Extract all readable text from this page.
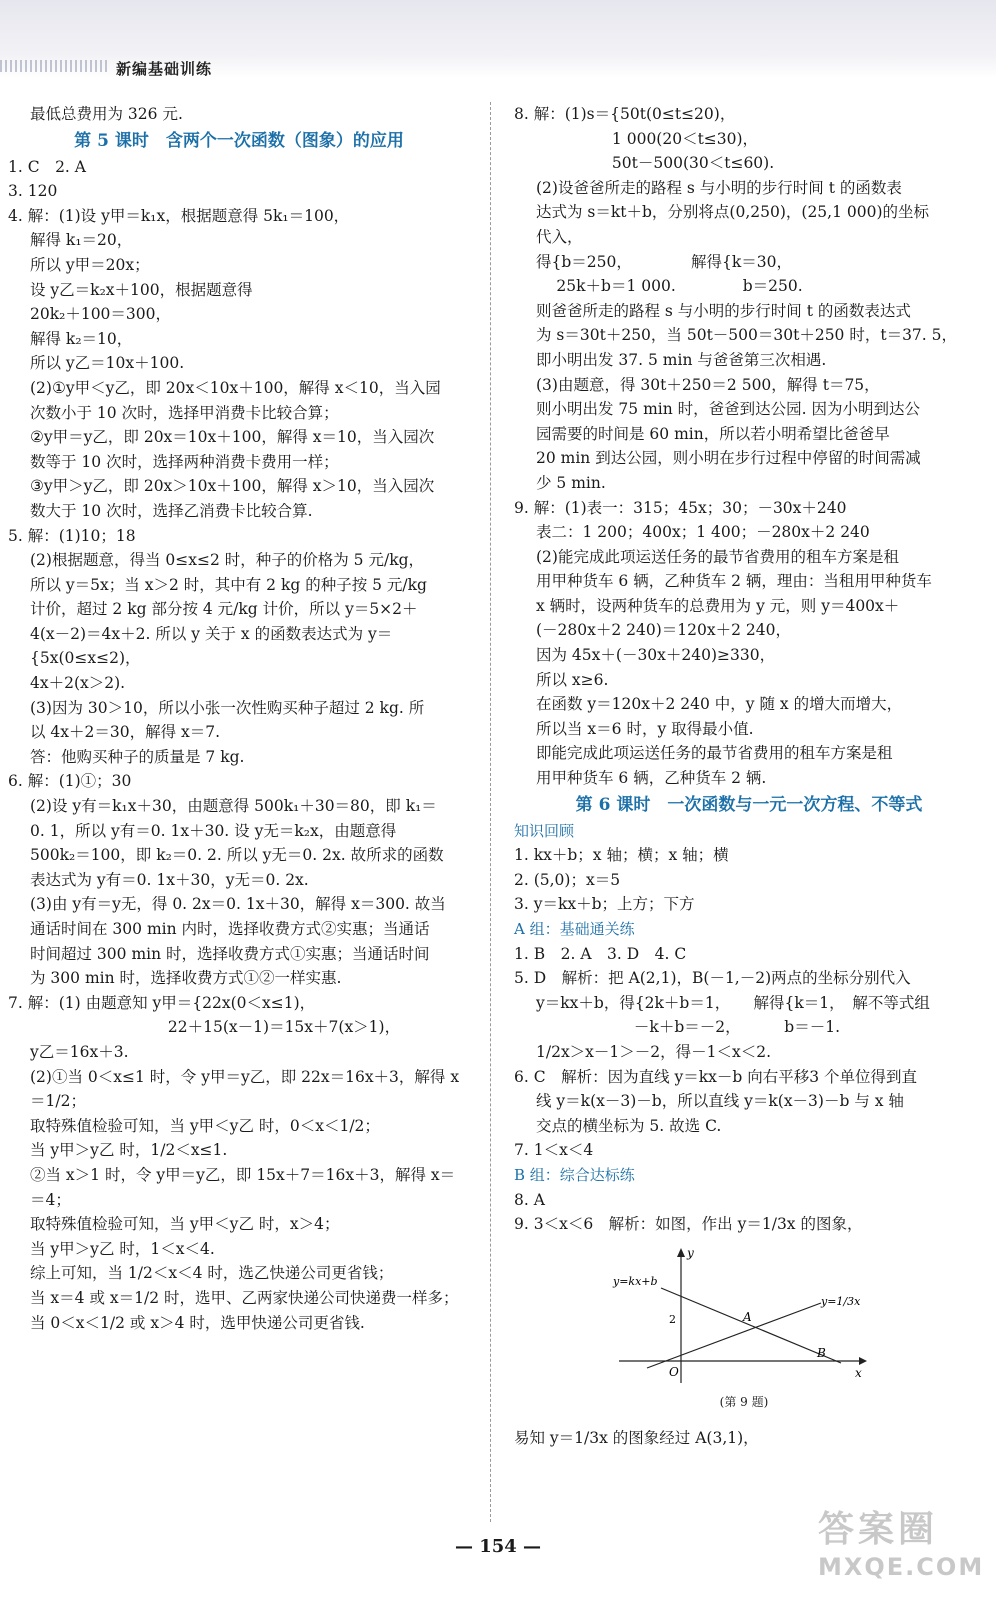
新编基础训练
最低总费用为 326 元.
第 5 课时　含两个一次函数（图象）的应用
1. C　2. A
3. 120
4. 解：(1)设 y甲＝k₁x，根据题意得 5k₁＝100，
解得 k₁＝20，
所以 y甲＝20x；
设 y乙＝k₂x＋100，根据题意得
20k₂＋100＝300，
解得 k₂＝10，
所以 y乙＝10x＋100.
(2)①y甲＜y乙，即 20x＜10x＋100，解得 x＜10，当入园
次数小于 10 次时，选择甲消费卡比较合算；
②y甲＝y乙，即 20x＝10x＋100，解得 x＝10，当入园次
数等于 10 次时，选择两种消费卡费用一样；
③y甲＞y乙，即 20x＞10x＋100，解得 x＞10，当入园次
数大于 10 次时，选择乙消费卡比较合算.
5. 解：(1)10；18
(2)根据题意，得当 0≤x≤2 时，种子的价格为 5 元/kg，
所以 y＝5x；当 x＞2 时，其中有 2 kg 的种子按 5 元/kg
计价，超过 2 kg 部分按 4 元/kg 计价，所以 y＝5×2＋
4(x－2)＝4x＋2. 所以 y 关于 x 的函数表达式为 y＝
{5x(0≤x≤2)，
4x＋2(x＞2).
(3)因为 30＞10，所以小张一次性购买种子超过 2 kg. 所
以 4x＋2＝30，解得 x＝7.
答：他购买种子的质量是 7 kg.
6. 解：(1)①；30
(2)设 y有＝k₁x＋30，由题意得 500k₁＋30＝80，即 k₁＝
0. 1，所以 y有＝0. 1x＋30. 设 y无＝k₂x，由题意得
500k₂＝100，即 k₂＝0. 2. 所以 y无＝0. 2x. 故所求的函数
表达式为 y有＝0. 1x＋30，y无＝0. 2x.
(3)由 y有＝y无，得 0. 2x＝0. 1x＋30，解得 x＝300. 故当
通话时间在 300 min 内时，选择收费方式②实惠；当通话
时间超过 300 min 时，选择收费方式①实惠；当通话时间
为 300 min 时，选择收费方式①②一样实惠.
7. 解：(1) 由题意知 y甲＝{22x(0＜x≤1)，
　　　　　　　　　　 22＋15(x－1)＝15x＋7(x＞1)，
y乙＝16x＋3.
(2)①当 0＜x≤1 时，令 y甲＝y乙，即 22x＝16x＋3，解得 x
＝1/2；
取特殊值检验可知，当 y甲＜y乙 时，0＜x＜1/2；
当 y甲＞y乙 时，1/2＜x≤1.
②当 x＞1 时，令 y甲＝y乙，即 15x＋7＝16x＋3，解得 x＝
＝4；
取特殊值检验可知，当 y甲＜y乙 时，x＞4；
当 y甲＞y乙 时，1＜x＜4.
综上可知，当 1/2＜x＜4 时，选乙快递公司更省钱；
当 x＝4 或 x＝1/2 时，选甲、乙两家快递公司快递费一样多；
当 0＜x＜1/2 或 x＞4 时，选甲快递公司更省钱.
8. 解：(1)s＝{50t(0≤t≤20)，
　　　　　　 1 000(20＜t≤30)，
　　　　　　 50t－500(30＜t≤60).
(2)设爸爸所走的路程 s 与小明的步行时间 t 的函数表
达式为 s＝kt＋b，分别将点(0,250)，(25,1 000)的坐标
代入，
得{b＝250，　　　　 解得{k＝30，
　 25k＋b＝1 000.　　　　 b＝250.
则爸爸所走的路程 s 与小明的步行时间 t 的函数表达式
为 s＝30t＋250，当 50t－500＝30t＋250 时，t＝37. 5，
即小明出发 37. 5 min 与爸爸第三次相遇.
(3)由题意，得 30t＋250＝2 500，解得 t＝75，
则小明出发 75 min 时，爸爸到达公园. 因为小明到达公
园需要的时间是 60 min，所以若小明希望比爸爸早
20 min 到达公园，则小明在步行过程中停留的时间需减
少 5 min.
9. 解：(1)表一：315；45x；30；－30x＋240
表二：1 200；400x；1 400；－280x＋2 240
(2)能完成此项运送任务的最节省费用的租车方案是租
用甲种货车 6 辆，乙种货车 2 辆，理由：当租用甲种货车
x 辆时，设两种货车的总费用为 y 元，则 y＝400x＋
(－280x＋2 240)＝120x＋2 240，
因为 45x＋(－30x＋240)≥330，
所以 x≥6.
在函数 y＝120x＋2 240 中，y 随 x 的增大而增大，
所以当 x＝6 时，y 取得最小值.
即能完成此项运送任务的最节省费用的租车方案是租
用甲种货车 6 辆，乙种货车 2 辆.
第 6 课时　一次函数与一元一次方程、不等式
知识回顾
1. kx＋b；x 轴；横；x 轴；横
2. (5,0)；x＝5
3. y＝kx＋b；上方；下方
A 组：基础通关练
1. B　2. A　3. D　4. C
5. D　解析：把 A(2,1)，B(－1,－2)两点的坐标分别代入
y＝kx＋b，得{2k＋b＝1，　　解得{k＝1，　解不等式组
　　　　　　 －k＋b＝－2，　　　 b＝－1.
1/2x＞x－1＞－2，得－1＜x＜2.
6. C　解析：因为直线 y＝kx－b 向右平移3 个单位得到直
线 y＝k(x－3)－b，所以直线 y＝k(x－3)－b 与 x 轴
交点的横坐标为 5. 故选 C.
7. 1＜x＜4
B 组：综合达标练
8. A
9. 3＜x＜6　解析：如图，作出 y＝1/3x 的图象，
y=kx+b
y=1/3x
y
x
O
2	A
B
(第 9 题)
易知 y＝1/3x 的图象经过 A(3,1)，
— 154 —	答案圈
MXQE.COM
